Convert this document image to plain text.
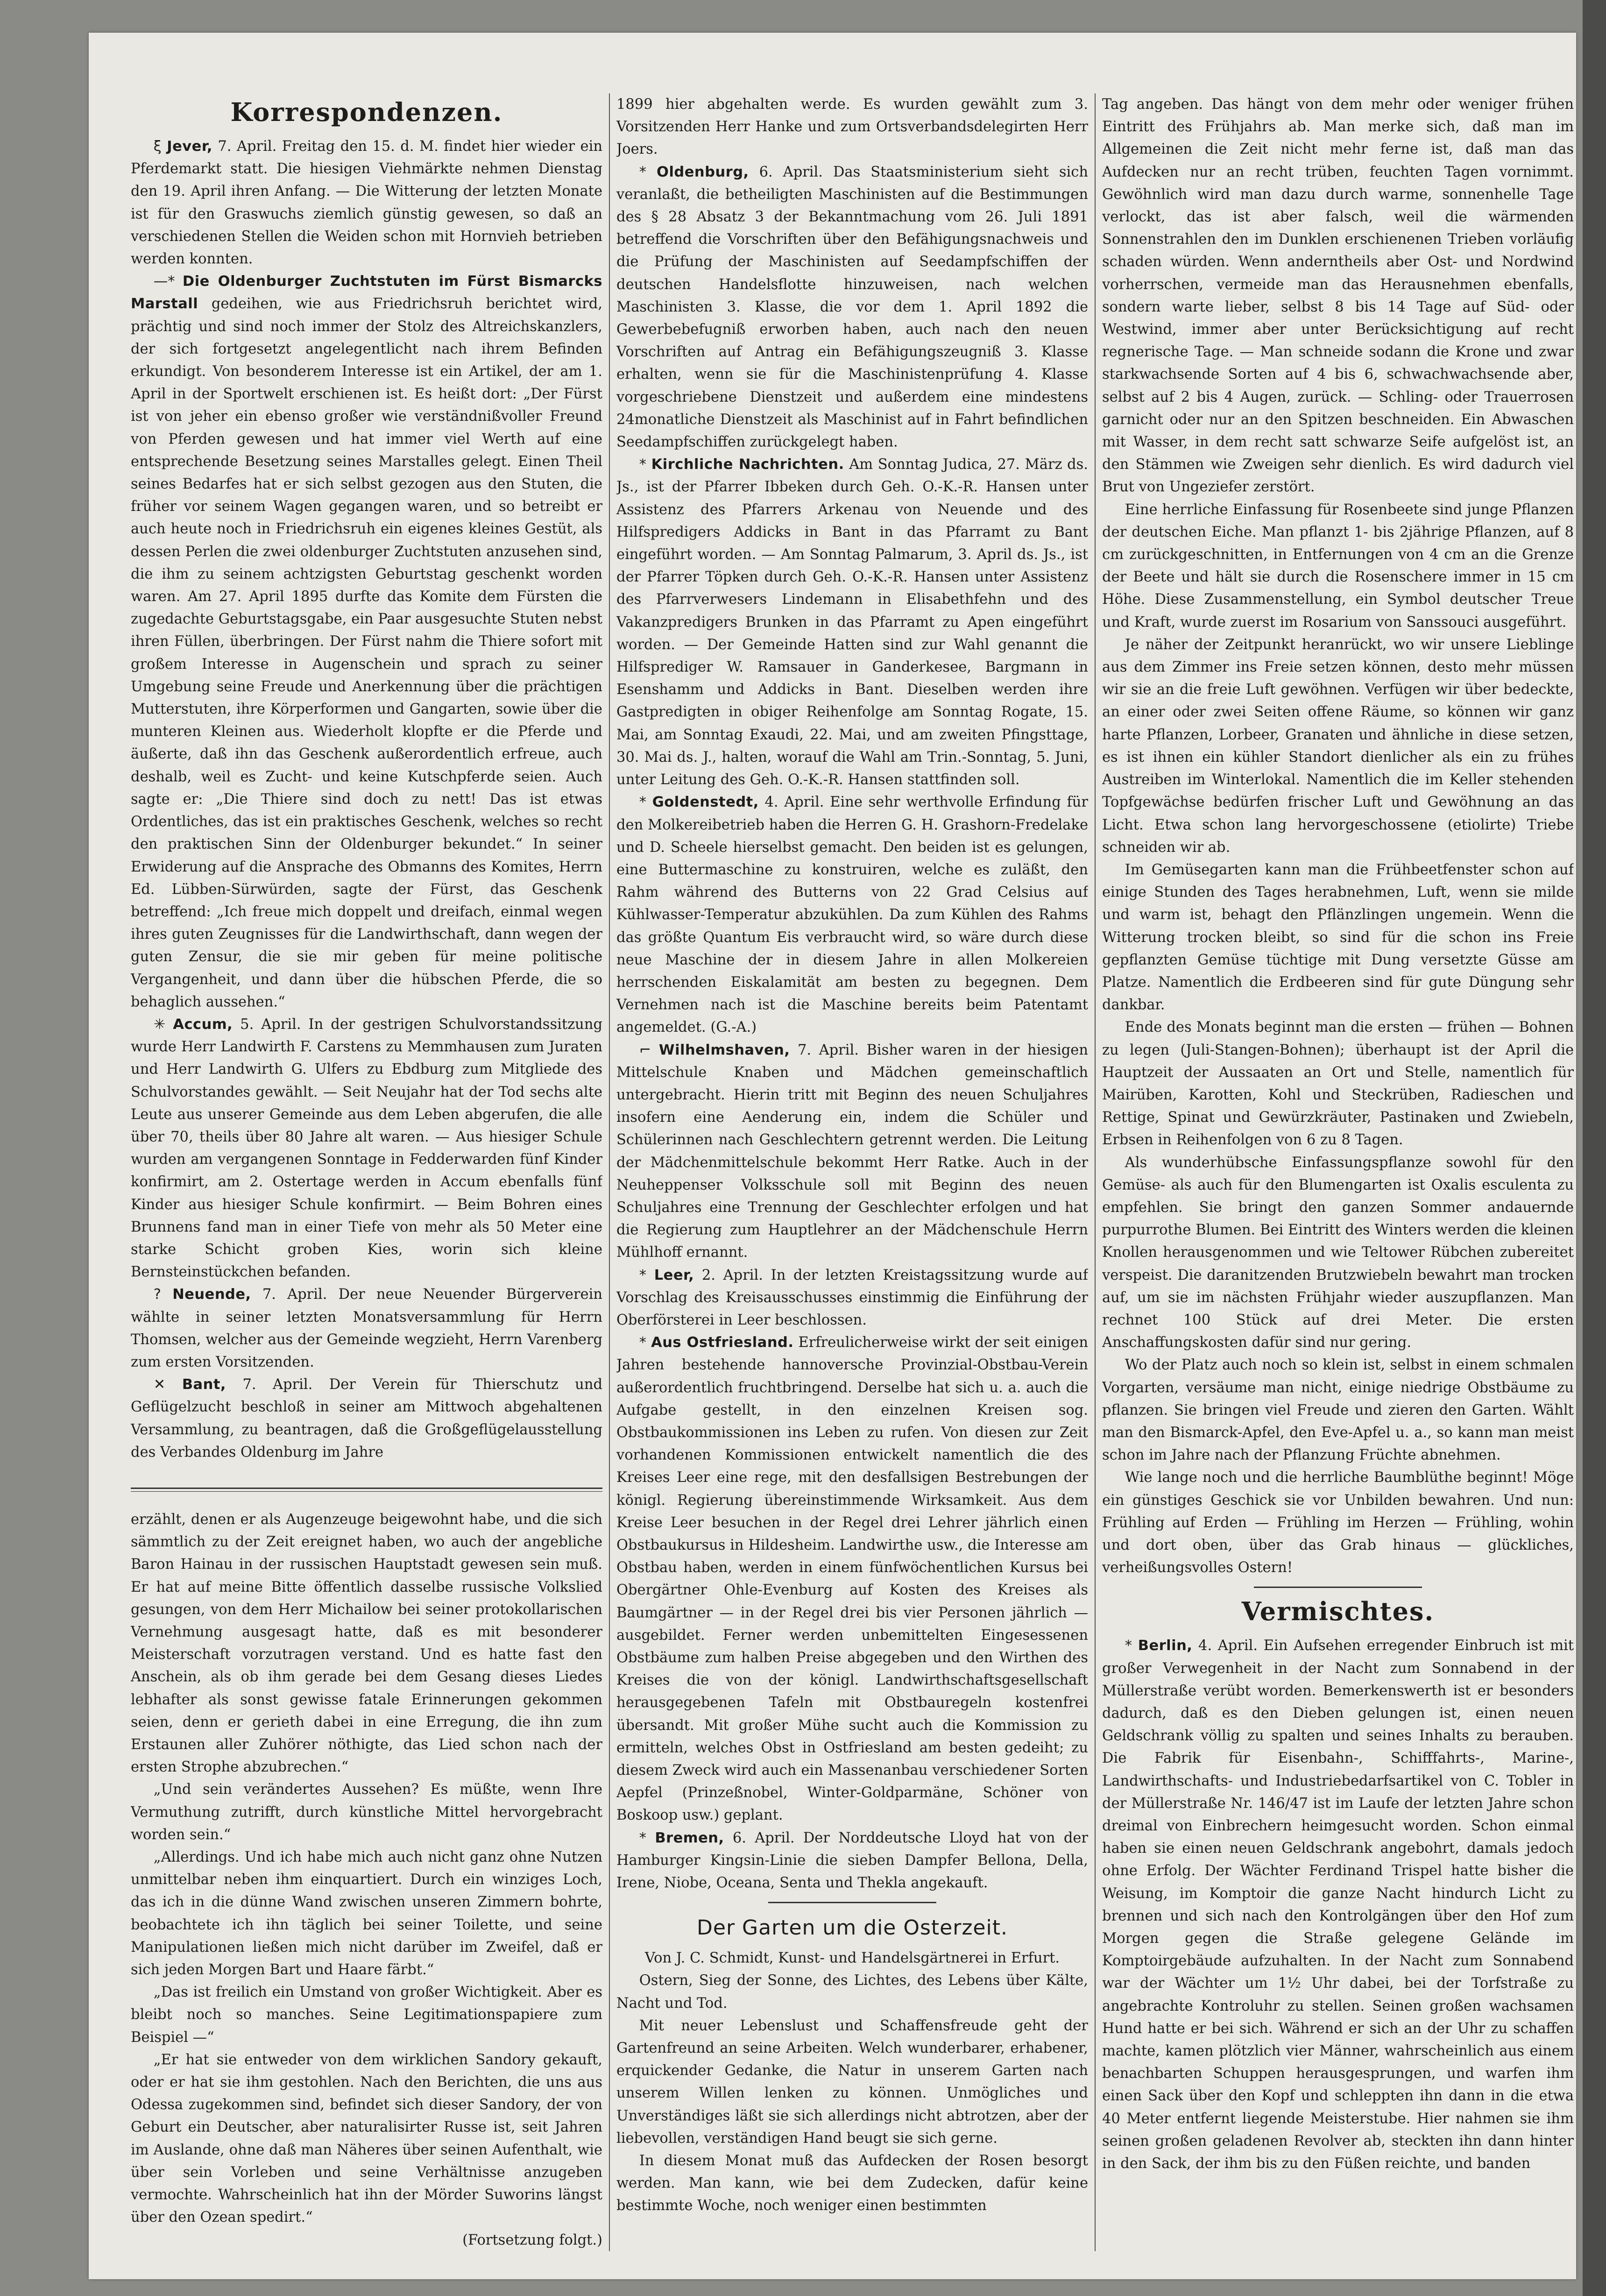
Korrespondenzen.

ξ Jever, 7. April. Freitag den 15. d. M. findet hier wieder ein Pferdemarkt statt. Die hiesigen Viehmärkte nehmen Dienstag den 19. April ihren Anfang. — Die Witterung der letzten Monate ist für den Graswuchs ziemlich günstig gewesen, so daß an verschiedenen Stellen die Weiden schon mit Hornvieh betrieben werden konnten.

—* Die Oldenburger Zuchtstuten im Fürst Bismarcks Marstall gedeihen, wie aus Friedrichsruh berichtet wird, prächtig und sind noch immer der Stolz des Altreichskanzlers, der sich fortgesetzt angelegentlicht nach ihrem Befinden erkundigt. Von besonderem Interesse ist ein Artikel, der am 1. April in der Sportwelt erschienen ist. Es heißt dort: „Der Fürst ist von jeher ein ebenso großer wie verständnißvoller Freund von Pferden gewesen und hat immer viel Werth auf eine entsprechende Besetzung seines Marstalles gelegt. Einen Theil seines Bedarfes hat er sich selbst gezogen aus den Stuten, die früher vor seinem Wagen gegangen waren, und so betreibt er auch heute noch in Friedrichsruh ein eigenes kleines Gestüt, als dessen Perlen die zwei oldenburger Zuchtstuten anzusehen sind, die ihm zu seinem achtzigsten Geburtstag geschenkt worden waren. Am 27. April 1895 durfte das Komite dem Fürsten die zugedachte Geburtstagsgabe, ein Paar ausgesuchte Stuten nebst ihren Füllen, überbringen. Der Fürst nahm die Thiere sofort mit großem Interesse in Augenschein und sprach zu seiner Umgebung seine Freude und Anerkennung über die prächtigen Mutterstuten, ihre Körperformen und Gangarten, sowie über die munteren Kleinen aus. Wiederholt klopfte er die Pferde und äußerte, daß ihn das Geschenk außerordentlich erfreue, auch deshalb, weil es Zucht- und keine Kutschpferde seien. Auch sagte er: „Die Thiere sind doch zu nett! Das ist etwas Ordentliches, das ist ein praktisches Geschenk, welches so recht den praktischen Sinn der Oldenburger bekundet.“ In seiner Erwiderung auf die Ansprache des Obmanns des Komites, Herrn Ed. Lübben-Sürwürden, sagte der Fürst, das Geschenk betreffend: „Ich freue mich doppelt und dreifach, einmal wegen ihres guten Zeugnisses für die Landwirthschaft, dann wegen der guten Zensur, die sie mir geben für meine politische Vergangenheit, und dann über die hübschen Pferde, die so behaglich aussehen.“

✳ Accum, 5. April. In der gestrigen Schulvorstandssitzung wurde Herr Landwirth F. Carstens zu Memmhausen zum Juraten und Herr Landwirth G. Ulfers zu Ebdburg zum Mitgliede des Schulvorstandes gewählt. — Seit Neujahr hat der Tod sechs alte Leute aus unserer Gemeinde aus dem Leben abgerufen, die alle über 70, theils über 80 Jahre alt waren. — Aus hiesiger Schule wurden am vergangenen Sonntage in Fedderwarden fünf Kinder konfirmirt, am 2. Ostertage werden in Accum ebenfalls fünf Kinder aus hiesiger Schule konfirmirt. — Beim Bohren eines Brunnens fand man in einer Tiefe von mehr als 50 Meter eine starke Schicht groben Kies, worin sich kleine Bernsteinstückchen befanden.

? Neuende, 7. April. Der neue Neuender Bürgerverein wählte in seiner letzten Monatsversammlung für Herrn Thomsen, welcher aus der Gemeinde wegzieht, Herrn Varenberg zum ersten Vorsitzenden.

✕ Bant, 7. April. Der Verein für Thierschutz und Geflügelzucht beschloß in seiner am Mittwoch abgehaltenen Versammlung, zu beantragen, daß die Großgeflügelausstellung des Verbandes Oldenburg im Jahre

erzählt, denen er als Augenzeuge beigewohnt habe, und die sich sämmtlich zu der Zeit ereignet haben, wo auch der angebliche Baron Hainau in der russischen Hauptstadt gewesen sein muß. Er hat auf meine Bitte öffentlich dasselbe russische Volkslied gesungen, von dem Herr Michailow bei seiner protokollarischen Vernehmung ausgesagt hatte, daß es mit besonderer Meisterschaft vorzutragen verstand. Und es hatte fast den Anschein, als ob ihm gerade bei dem Gesang dieses Liedes lebhafter als sonst gewisse fatale Erinnerungen gekommen seien, denn er gerieth dabei in eine Erregung, die ihn zum Erstaunen aller Zuhörer nöthigte, das Lied schon nach der ersten Strophe abzubrechen.“

„Und sein verändertes Aussehen? Es müßte, wenn Ihre Vermuthung zutrifft, durch künstliche Mittel hervorgebracht worden sein.“

„Allerdings. Und ich habe mich auch nicht ganz ohne Nutzen unmittelbar neben ihm einquartiert. Durch ein winziges Loch, das ich in die dünne Wand zwischen unseren Zimmern bohrte, beobachtete ich ihn täglich bei seiner Toilette, und seine Manipulationen ließen mich nicht darüber im Zweifel, daß er sich jeden Morgen Bart und Haare färbt.“

„Das ist freilich ein Umstand von großer Wichtigkeit. Aber es bleibt noch so manches. Seine Legitimationspapiere zum Beispiel —“

„Er hat sie entweder von dem wirklichen Sandory gekauft, oder er hat sie ihm gestohlen. Nach den Berichten, die uns aus Odessa zugekommen sind, befindet sich dieser Sandory, der von Geburt ein Deutscher, aber naturalisirter Russe ist, seit Jahren im Auslande, ohne daß man Näheres über seinen Aufenthalt, wie über sein Vorleben und seine Verhältnisse anzugeben vermochte. Wahrscheinlich hat ihn der Mörder Suworins längst über den Ozean spedirt.“

(Fortsetzung folgt.)

1899 hier abgehalten werde. Es wurden gewählt zum 3. Vorsitzenden Herr Hanke und zum Ortsverbandsdelegirten Herr Joers.

* Oldenburg, 6. April. Das Staatsministerium sieht sich veranlaßt, die betheiligten Maschinisten auf die Bestimmungen des § 28 Absatz 3 der Bekanntmachung vom 26. Juli 1891 betreffend die Vorschriften über den Befähigungsnachweis und die Prüfung der Maschinisten auf Seedampfschiffen der deutschen Handelsflotte hinzuweisen, nach welchen Maschinisten 3. Klasse, die vor dem 1. April 1892 die Gewerbebefugniß erworben haben, auch nach den neuen Vorschriften auf Antrag ein Befähigungszeugniß 3. Klasse erhalten, wenn sie für die Maschinistenprüfung 4. Klasse vorgeschriebene Dienstzeit und außerdem eine mindestens 24monatliche Dienstzeit als Maschinist auf in Fahrt befindlichen Seedampfschiffen zurückgelegt haben.

* Kirchliche Nachrichten. Am Sonntag Judica, 27. März ds. Js., ist der Pfarrer Ibbeken durch Geh. O.-K.-R. Hansen unter Assistenz des Pfarrers Arkenau von Neuende und des Hilfspredigers Addicks in Bant in das Pfarramt zu Bant eingeführt worden. — Am Sonntag Palmarum, 3. April ds. Js., ist der Pfarrer Töpken durch Geh. O.-K.-R. Hansen unter Assistenz des Pfarrverwesers Lindemann in Elisabethfehn und des Vakanzpredigers Brunken in das Pfarramt zu Apen eingeführt worden. — Der Gemeinde Hatten sind zur Wahl genannt die Hilfsprediger W. Ramsauer in Ganderkesee, Bargmann in Esenshamm und Addicks in Bant. Dieselben werden ihre Gastpredigten in obiger Reihenfolge am Sonntag Rogate, 15. Mai, am Sonntag Exaudi, 22. Mai, und am zweiten Pfingsttage, 30. Mai ds. J., halten, worauf die Wahl am Trin.-Sonntag, 5. Juni, unter Leitung des Geh. O.-K.-R. Hansen stattfinden soll.

* Goldenstedt, 4. April. Eine sehr werthvolle Erfindung für den Molkereibetrieb haben die Herren G. H. Grashorn-Fredelake und D. Scheele hierselbst gemacht. Den beiden ist es gelungen, eine Buttermaschine zu konstruiren, welche es zuläßt, den Rahm während des Butterns von 22 Grad Celsius auf Kühlwasser-Temperatur abzukühlen. Da zum Kühlen des Rahms das größte Quantum Eis verbraucht wird, so wäre durch diese neue Maschine der in diesem Jahre in allen Molkereien herrschenden Eiskalamität am besten zu begegnen. Dem Vernehmen nach ist die Maschine bereits beim Patentamt angemeldet. (G.-A.)

⌐ Wilhelmshaven, 7. April. Bisher waren in der hiesigen Mittelschule Knaben und Mädchen gemeinschaftlich untergebracht. Hierin tritt mit Beginn des neuen Schuljahres insofern eine Aenderung ein, indem die Schüler und Schülerinnen nach Geschlechtern getrennt werden. Die Leitung der Mädchenmittelschule bekommt Herr Ratke. Auch in der Neuheppenser Volksschule soll mit Beginn des neuen Schuljahres eine Trennung der Geschlechter erfolgen und hat die Regierung zum Hauptlehrer an der Mädchenschule Herrn Mühlhoff ernannt.

* Leer, 2. April. In der letzten Kreistagssitzung wurde auf Vorschlag des Kreisausschusses einstimmig die Einführung der Oberförsterei in Leer beschlossen.

* Aus Ostfriesland. Erfreulicherweise wirkt der seit einigen Jahren bestehende hannoversche Provinzial-Obstbau-Verein außerordentlich fruchtbringend. Derselbe hat sich u. a. auch die Aufgabe gestellt, in den einzelnen Kreisen sog. Obstbaukommissionen ins Leben zu rufen. Von diesen zur Zeit vorhandenen Kommissionen entwickelt namentlich die des Kreises Leer eine rege, mit den desfallsigen Bestrebungen der königl. Regierung übereinstimmende Wirksamkeit. Aus dem Kreise Leer besuchen in der Regel drei Lehrer jährlich einen Obstbaukursus in Hildesheim. Landwirthe usw., die Interesse am Obstbau haben, werden in einem fünfwöchentlichen Kursus bei Obergärtner Ohle-Evenburg auf Kosten des Kreises als Baumgärtner — in der Regel drei bis vier Personen jährlich — ausgebildet. Ferner werden unbemittelten Eingesessenen Obstbäume zum halben Preise abgegeben und den Wirthen des Kreises die von der königl. Landwirthschaftsgesellschaft herausgegebenen Tafeln mit Obstbauregeln kostenfrei übersandt. Mit großer Mühe sucht auch die Kommission zu ermitteln, welches Obst in Ostfriesland am besten gedeiht; zu diesem Zweck wird auch ein Massenanbau verschiedener Sorten Aepfel (Prinzeßnobel, Winter-Goldparmäne, Schöner von Boskoop usw.) geplant.

* Bremen, 6. April. Der Norddeutsche Lloyd hat von der Hamburger Kingsin-Linie die sieben Dampfer Bellona, Della, Irene, Niobe, Oceana, Senta und Thekla angekauft.

Der Garten um die Osterzeit.

Von J. C. Schmidt, Kunst- und Handelsgärtnerei in Erfurt.

Ostern, Sieg der Sonne, des Lichtes, des Lebens über Kälte, Nacht und Tod.

Mit neuer Lebenslust und Schaffensfreude geht der Gartenfreund an seine Arbeiten. Welch wunderbarer, erhabener, erquickender Gedanke, die Natur in unserem Garten nach unserem Willen lenken zu können. Unmögliches und Unverständiges läßt sie sich allerdings nicht abtrotzen, aber der liebevollen, verständigen Hand beugt sie sich gerne.

In diesem Monat muß das Aufdecken der Rosen besorgt werden. Man kann, wie bei dem Zudecken, dafür keine bestimmte Woche, noch weniger einen bestimmten

Tag angeben. Das hängt von dem mehr oder weniger frühen Eintritt des Frühjahrs ab. Man merke sich, daß man im Allgemeinen die Zeit nicht mehr ferne ist, daß man das Aufdecken nur an recht trüben, feuchten Tagen vornimmt. Gewöhnlich wird man dazu durch warme, sonnenhelle Tage verlockt, das ist aber falsch, weil die wärmenden Sonnenstrahlen den im Dunklen erschienenen Trieben vorläufig schaden würden. Wenn anderntheils aber Ost- und Nordwind vorherrschen, vermeide man das Herausnehmen ebenfalls, sondern warte lieber, selbst 8 bis 14 Tage auf Süd- oder Westwind, immer aber unter Berücksichtigung auf recht regnerische Tage. — Man schneide sodann die Krone und zwar starkwachsende Sorten auf 4 bis 6, schwachwachsende aber, selbst auf 2 bis 4 Augen, zurück. — Schling- oder Trauerrosen garnicht oder nur an den Spitzen beschneiden. Ein Abwaschen mit Wasser, in dem recht satt schwarze Seife aufgelöst ist, an den Stämmen wie Zweigen sehr dienlich. Es wird dadurch viel Brut von Ungeziefer zerstört.

Eine herrliche Einfassung für Rosenbeete sind junge Pflanzen der deutschen Eiche. Man pflanzt 1- bis 2jährige Pflanzen, auf 8 cm zurückgeschnitten, in Entfernungen von 4 cm an die Grenze der Beete und hält sie durch die Rosenschere immer in 15 cm Höhe. Diese Zusammenstellung, ein Symbol deutscher Treue und Kraft, wurde zuerst im Rosarium von Sanssouci ausgeführt.

Je näher der Zeitpunkt heranrückt, wo wir unsere Lieblinge aus dem Zimmer ins Freie setzen können, desto mehr müssen wir sie an die freie Luft gewöhnen. Verfügen wir über bedeckte, an einer oder zwei Seiten offene Räume, so können wir ganz harte Pflanzen, Lorbeer, Granaten und ähnliche in diese setzen, es ist ihnen ein kühler Standort dienlicher als ein zu frühes Austreiben im Winterlokal. Namentlich die im Keller stehenden Topfgewächse bedürfen frischer Luft und Gewöhnung an das Licht. Etwa schon lang hervorgeschossene (etiolirte) Triebe schneiden wir ab.

Im Gemüsegarten kann man die Frühbeetfenster schon auf einige Stunden des Tages herabnehmen, Luft, wenn sie milde und warm ist, behagt den Pflänzlingen ungemein. Wenn die Witterung trocken bleibt, so sind für die schon ins Freie gepflanzten Gemüse tüchtige mit Dung versetzte Güsse am Platze. Namentlich die Erdbeeren sind für gute Düngung sehr dankbar.

Ende des Monats beginnt man die ersten — frühen — Bohnen zu legen (Juli-Stangen-Bohnen); überhaupt ist der April die Hauptzeit der Aussaaten an Ort und Stelle, namentlich für Mairüben, Karotten, Kohl und Steckrüben, Radieschen und Rettige, Spinat und Gewürzkräuter, Pastinaken und Zwiebeln, Erbsen in Reihenfolgen von 6 zu 8 Tagen.

Als wunderhübsche Einfassungspflanze sowohl für den Gemüse- als auch für den Blumengarten ist Oxalis esculenta zu empfehlen. Sie bringt den ganzen Sommer andauernde purpurrothe Blumen. Bei Eintritt des Winters werden die kleinen Knollen herausgenommen und wie Teltower Rübchen zubereitet verspeist. Die daranitzenden Brutzwiebeln bewahrt man trocken auf, um sie im nächsten Frühjahr wieder auszupflanzen. Man rechnet 100 Stück auf drei Meter. Die ersten Anschaffungskosten dafür sind nur gering.

Wo der Platz auch noch so klein ist, selbst in einem schmalen Vorgarten, versäume man nicht, einige niedrige Obstbäume zu pflanzen. Sie bringen viel Freude und zieren den Garten. Wählt man den Bismarck-Apfel, den Eve-Apfel u. a., so kann man meist schon im Jahre nach der Pflanzung Früchte abnehmen.

Wie lange noch und die herrliche Baumblüthe beginnt! Möge ein günstiges Geschick sie vor Unbilden bewahren. Und nun: Frühling auf Erden — Frühling im Herzen — Frühling, wohin und dort oben, über das Grab hinaus — glückliches, verheißungsvolles Ostern!

Vermischtes.

* Berlin, 4. April. Ein Aufsehen erregender Einbruch ist mit großer Verwegenheit in der Nacht zum Sonnabend in der Müllerstraße verübt worden. Bemerkenswerth ist er besonders dadurch, daß es den Dieben gelungen ist, einen neuen Geldschrank völlig zu spalten und seines Inhalts zu berauben. Die Fabrik für Eisenbahn-, Schifffahrts-, Marine-, Landwirthschafts- und Industriebedarfsartikel von C. Tobler in der Müllerstraße Nr. 146/47 ist im Laufe der letzten Jahre schon dreimal von Einbrechern heimgesucht worden. Schon einmal haben sie einen neuen Geldschrank angebohrt, damals jedoch ohne Erfolg. Der Wächter Ferdinand Trispel hatte bisher die Weisung, im Komptoir die ganze Nacht hindurch Licht zu brennen und sich nach den Kontrolgängen über den Hof zum Morgen gegen die Straße gelegene Gelände im Komptoirgebäude aufzuhalten. In der Nacht zum Sonnabend war der Wächter um 1½ Uhr dabei, bei der Torfstraße zu angebrachte Kontroluhr zu stellen. Seinen großen wachsamen Hund hatte er bei sich. Während er sich an der Uhr zu schaffen machte, kamen plötzlich vier Männer, wahrscheinlich aus einem benachbarten Schuppen herausgesprungen, und warfen ihm einen Sack über den Kopf und schleppten ihn dann in die etwa 40 Meter entfernt liegende Meisterstube. Hier nahmen sie ihm seinen großen geladenen Revolver ab, steckten ihn dann hinter in den Sack, der ihm bis zu den Füßen reichte, und banden
